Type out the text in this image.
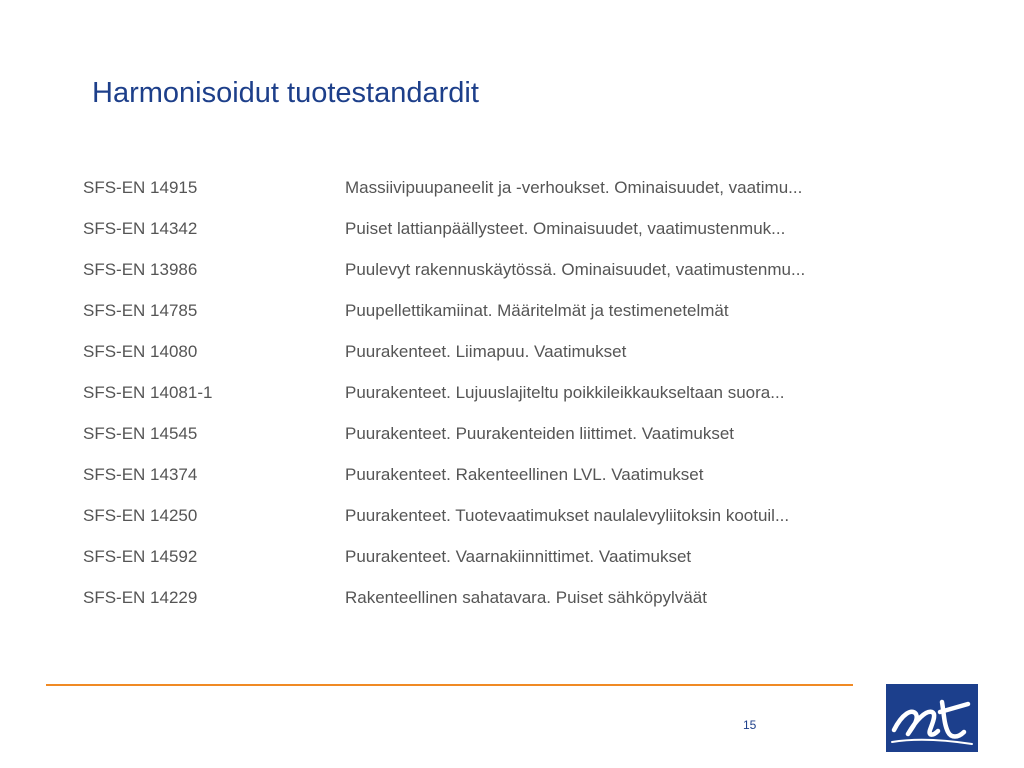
Harmonisoidut tuotestandardit
SFS-EN 14915	Massiivipuupaneelit ja -verhoukset. Ominaisuudet, vaatimu...
SFS-EN 14342	Puiset lattianpäällysteet. Ominaisuudet, vaatimustenmuk...
SFS-EN 13986	Puulevyt rakennuskäytössä. Ominaisuudet, vaatimustenmu...
SFS-EN 14785	Puupellettikamiinat. Määritelmät ja testimenetelmät
SFS-EN 14080	Puurakenteet. Liimapuu. Vaatimukset
SFS-EN 14081-1	Puurakenteet. Lujuuslajiteltu poikkileikkaukseltaan suora...
SFS-EN 14545	Puurakenteet. Puurakenteiden liittimet. Vaatimukset
SFS-EN 14374	Puurakenteet. Rakenteellinen LVL. Vaatimukset
SFS-EN 14250	Puurakenteet. Tuotevaatimukset naulalevyliitoksin kootuil...
SFS-EN 14592	Puurakenteet. Vaarnakiinnittimet. Vaatimukset
SFS-EN 14229	Rakenteellinen sahatavara. Puiset sähköpylväät
15
